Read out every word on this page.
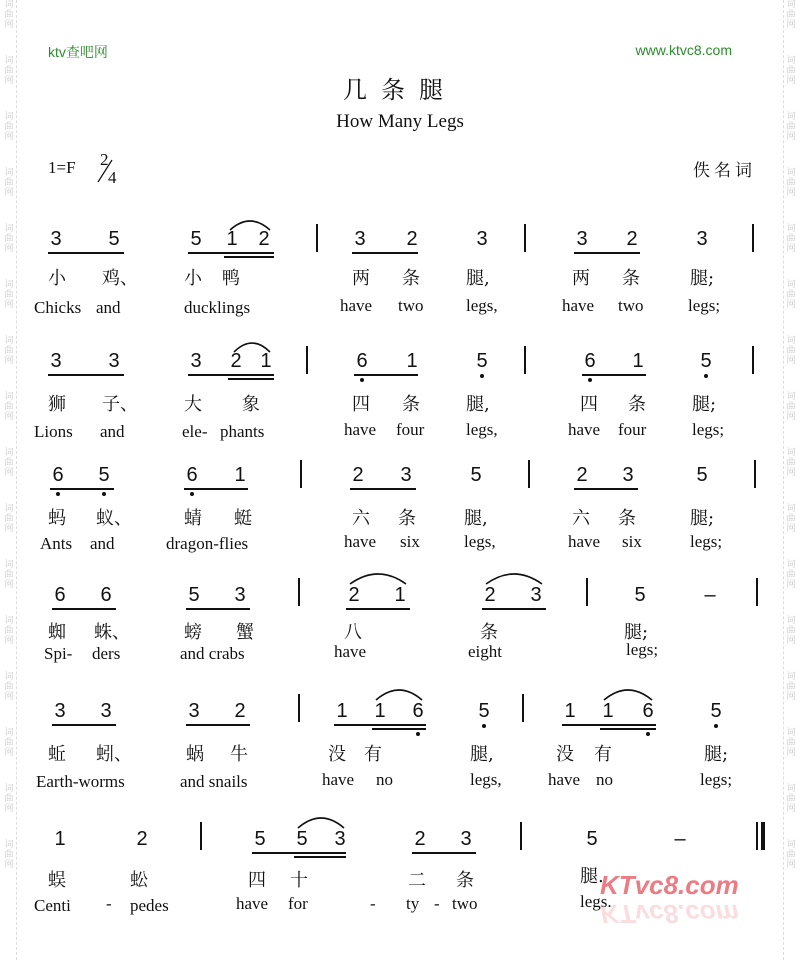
词
曲
网
词
曲
网
词
曲
网
词
曲
网
词
曲
网
词
曲
网
词
曲
网
词
曲
网
词
曲
网
词
曲
网
词
曲
网
词
曲
网
词
曲
网
词
曲
网
词
曲
网
词
曲
网
词
曲
网
词
曲
网
词
曲
网
词
曲
网
词
曲
网
词
曲
网
词
曲
网
词
曲
网
词
曲
网
词
曲
网
词
曲
网
词
曲
网
词
曲
网
词
曲
网
词
曲
网
词
曲
网
ktv查吧网	www.ktvc8.com
几条腿
How Many Legs
1=F 2
4	佚名词
3	5	5	1	2	3	2	3	3	2	3
小 鸡、	小 鸭	两 条	腿,	两 条	腿;
Chicks and	ducklings	have two	legs,	have two	legs;
3	3	3	2 1	6	1	5	6	1	5
狮 子、	大 象	四 条	腿,	四 条	腿;
Lions and	ele- phants	have four legs,	have four	legs;
6	5	6	1	2	3	5	2	3	5
蚂 蚁、	蜻 蜓	六 条	腿,	六 条	腿;
Ants and	dragon-flies	have six	legs,	have six	legs;
6	6	5	3	2	1	2	3	5	–
蜘 蛛、	螃 蟹	八	条	腿;
Spi- ders	and crabs	have	eight	legs;
3	3	3	2	1	1	6	5	1	1	6	5
蚯 蚓、	蜗 牛	没 有	腿,	没 有	腿;
Earth-worms	and snails	have no	legs,	have no	legs;
1	2	5	5	3	2	3	5	–
蜈	蚣	四 十	二 条	腿.
Centi - pedes	have for	- ty - two	legs.
KTvc8.com
KTvc8.com
